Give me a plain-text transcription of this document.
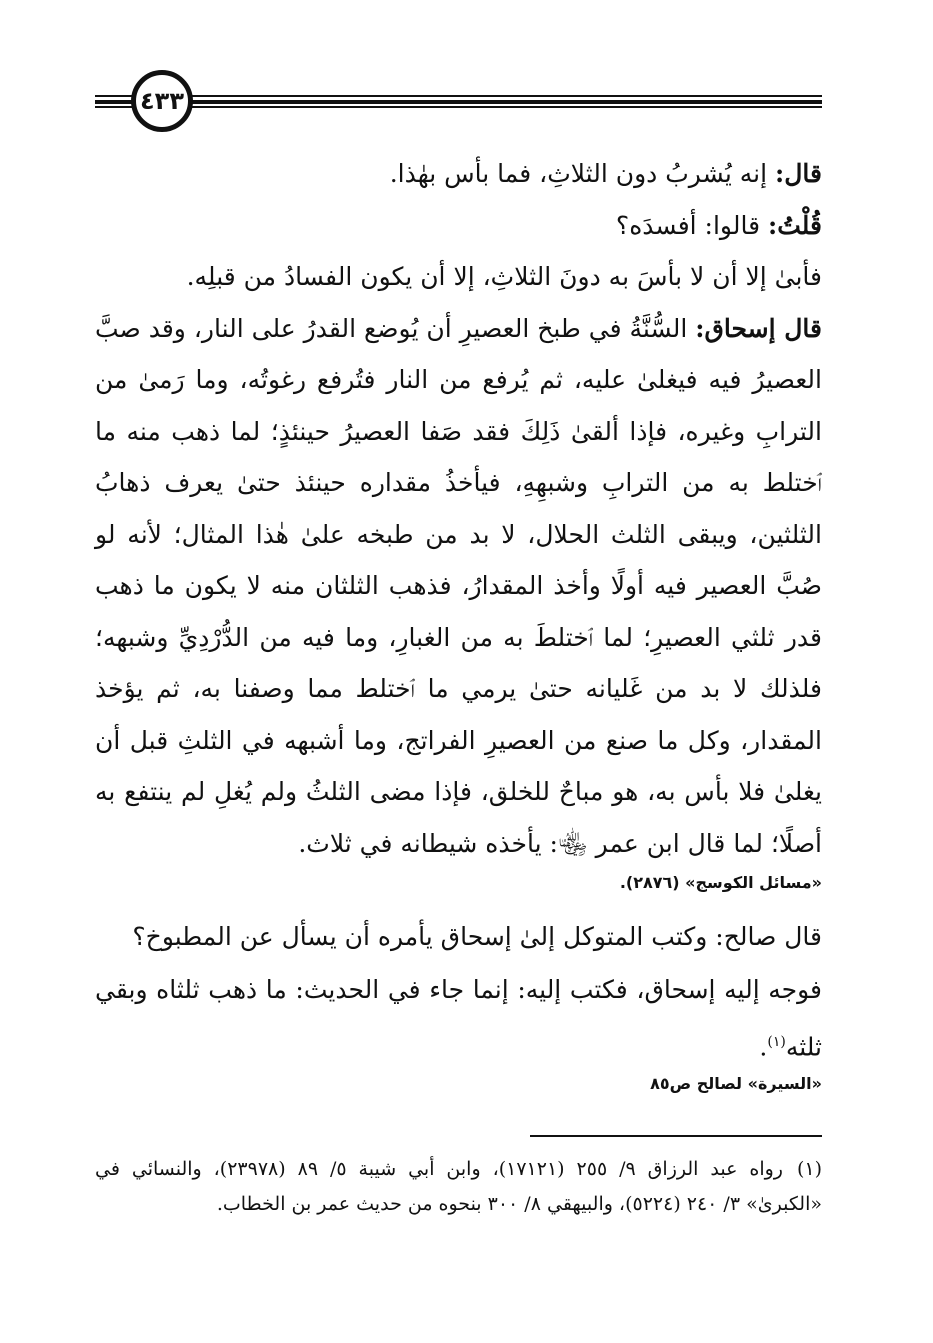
٤٣٣

قال: إنه يُشربُ دون الثلاثِ، فما بأس بهٰذا.

قُلْتُ: قالوا: أفسدَه؟

فأبىٰ إلا أن لا بأسَ به دونَ الثلاثِ، إلا أن يكون الفسادُ من قبلِه.

قال إسحاق: السُّنَّةُ في طبخ العصيرِ أن يُوضع القدرُ على النار، وقد صبَّ العصيرُ فيه فيغلىٰ عليه، ثم يُرفع من النار فتُرفع رغوتُه، وما رَمىٰ من الترابِ وغيره، فإذا ألقىٰ ذَلِكَ فقد صَفا العصيرُ حينئذٍ؛ لما ذهب منه ما ٱختلط به من الترابِ وشبهِهِ، فيأخذُ مقداره حينئذ حتىٰ يعرف ذهابُ الثلثين، ويبقى الثلث الحلال، لا بد من طبخه علىٰ هٰذا المثال؛ لأنه لو صُبَّ العصير فيه أولًا وأخذ المقدارُ، فذهب الثلثان منه لا يكون ما ذهب قدر ثلثي العصيرِ؛ لما ٱختلطَ به من الغبارِ، وما فيه من الدُّرْدِيِّ وشبهه؛ فلذلك لا بد من غَليانه حتىٰ يرمي ما ٱختلط مما وصفنا به، ثم يؤخذ المقدار، وكل ما صنع من العصيرِ الفراتج، وما أشبهه في الثلثِ قبل أن يغلىٰ فلا بأس به، هو مباحٌ للخلق، فإذا مضى الثلثُ ولم يُغلِ لم ينتفع به أصلًا؛ لما قال ابن عمر ﵄: يأخذه شيطانه في ثلاث.

«مسائل الكوسج» (٢٨٧٦).

قال صالح: وكتب المتوكل إلىٰ إسحاق يأمره أن يسأل عن المطبوخ؟

فوجه إليه إسحاق، فكتب إليه: إنما جاء في الحديث: ما ذهب ثلثاه وبقي ثلثه$^{(١)}$.

«السيرة» لصالح ص٨٥

(١)رواه عبد الرزاق ٩/ ٢٥٥ (١٧١٢١)، وابن أبي شيبة ٥/ ٨٩ (٢٣٩٧٨)، والنسائي في «الكبرىٰ» ٣/ ٢٤٠ (٥٢٢٤)، والبيهقي ٨/ ٣٠٠ بنحوه من حديث عمر بن الخطاب.
